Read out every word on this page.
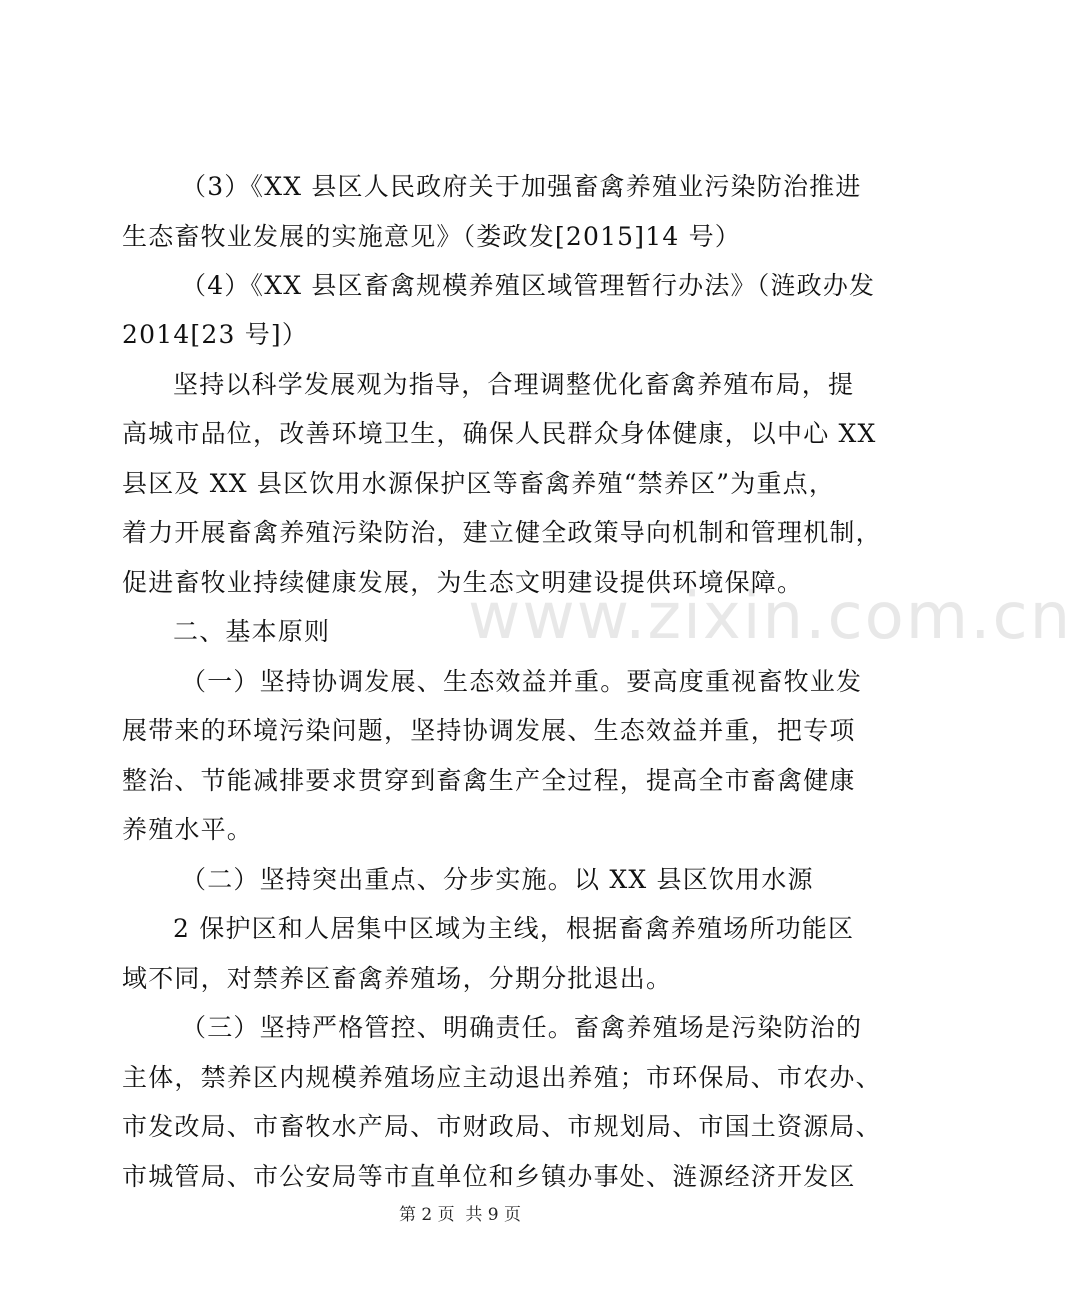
www.zixin.com.cn
（3）《XX 县区人民政府关于加强畜禽养殖业污染防治推进
生态畜牧业发展的实施意见》（娄政发[2015]14 号）
（4）《XX 县区畜禽规模养殖区域管理暂行办法》（涟政办发
2014[23 号]）
坚持以科学发展观为指导，合理调整优化畜禽养殖布局，提
高城市品位，改善环境卫生，确保人民群众身体健康，以中心 XX
县区及 XX 县区饮用水源保护区等畜禽养殖“禁养区”为重点，
着力开展畜禽养殖污染防治，建立健全政策导向机制和管理机制，
促进畜牧业持续健康发展，为生态文明建设提供环境保障。
二、基本原则
（一）坚持协调发展、生态效益并重。要高度重视畜牧业发
展带来的环境污染问题，坚持协调发展、生态效益并重，把专项
整治、节能减排要求贯穿到畜禽生产全过程，提高全市畜禽健康
养殖水平。
（二）坚持突出重点、分步实施。以 XX 县区饮用水源
2 保护区和人居集中区域为主线，根据畜禽养殖场所功能区
域不同，对禁养区畜禽养殖场，分期分批退出。
（三）坚持严格管控、明确责任。畜禽养殖场是污染防治的
主体，禁养区内规模养殖场应主动退出养殖；市环保局、市农办、
市发改局、市畜牧水产局、市财政局、市规划局、市国土资源局、
市城管局、市公安局等市直单位和乡镇办事处、涟源经济开发区
第 2 页  共 9 页
